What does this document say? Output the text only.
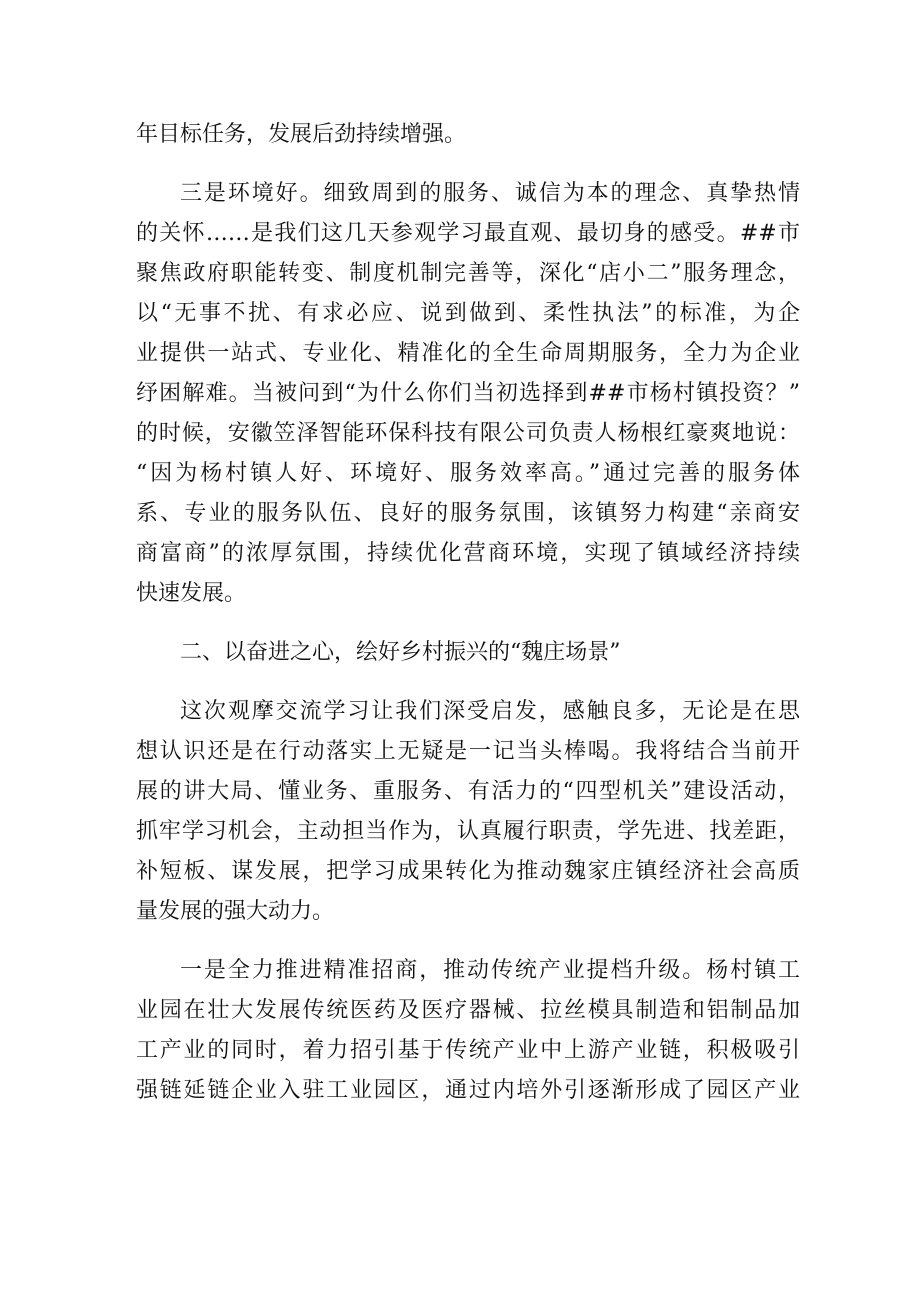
年目标任务，发展后劲持续增强。
三是环境好。细致周到的服务、诚信为本的理念、真挚热情
的关怀……是我们这几天参观学习最直观、最切身的感受。##市
聚焦政府职能转变、制度机制完善等，深化“店小二”服务理念，
以“无事不扰、有求必应、说到做到、柔性执法”的标准，为企
业提供一站式、专业化、精准化的全生命周期服务，全力为企业
纾困解难。当被问到“为什么你们当初选择到##市杨村镇投资？”
的时候，安徽笠泽智能环保科技有限公司负责人杨根红豪爽地说：
“因为杨村镇人好、环境好、服务效率高。”通过完善的服务体
系、专业的服务队伍、良好的服务氛围，该镇努力构建“亲商安
商富商”的浓厚氛围，持续优化营商环境，实现了镇域经济持续
快速发展。
二、以奋进之心，绘好乡村振兴的“魏庄场景”
这次观摩交流学习让我们深受启发，感触良多，无论是在思
想认识还是在行动落实上无疑是一记当头棒喝。我将结合当前开
展的讲大局、懂业务、重服务、有活力的“四型机关”建设活动，
抓牢学习机会，主动担当作为，认真履行职责，学先进、找差距，
补短板、谋发展，把学习成果转化为推动魏家庄镇经济社会高质
量发展的强大动力。
一是全力推进精准招商，推动传统产业提档升级。杨村镇工
业园在壮大发展传统医药及医疗器械、拉丝模具制造和铝制品加
工产业的同时，着力招引基于传统产业中上游产业链，积极吸引
强链延链企业入驻工业园区，通过内培外引逐渐形成了园区产业
